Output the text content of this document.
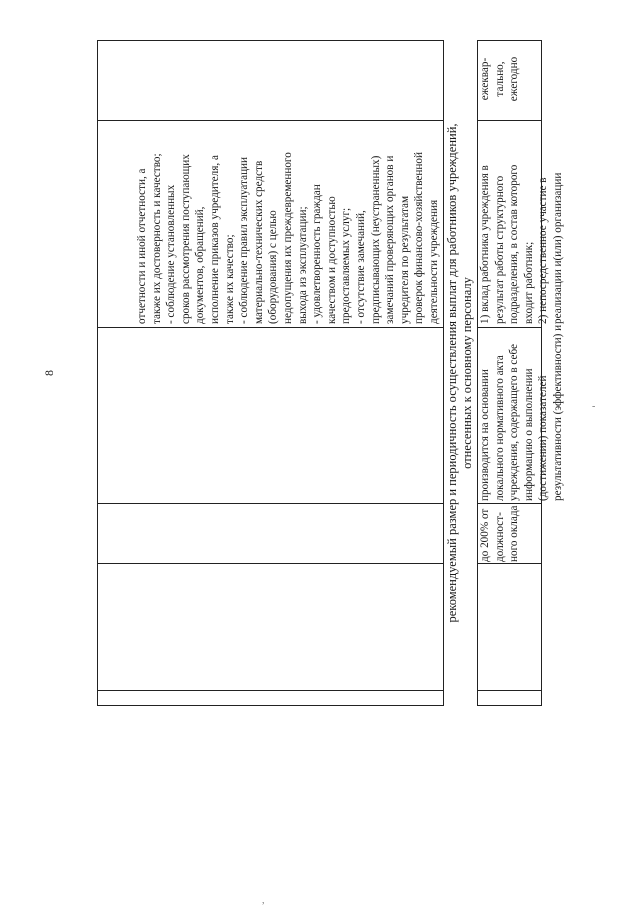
8
,
-
отчетности и иной отчетности, а также их достоверность и качество; - соблюдение установленных сроков рассмотрения поступающих документов, обращений, исполнение приказов учредителя, а также их качество; - соблюдение правил эксплуатации материально-технических средств (оборудования) с целью недопущения их преждевременного выхода из эксплуатации; - удовлетворенность граждан качеством и доступностью предоставляемых услуг; - отсутствие замечаний, предписывающих (неустраненных) замечаний проверяющих органов и учредителя по результатам проверок финансово-хозяйственной деятельности учреждения рекомендуемый размер и периодичность осуществления выплат для работников учреждений, отнесенных к основному персоналу
до 200% от должност- ного оклада
производится на основании локального нормативного акта учреждения, содержащего в себе информацию о выполнении (достижении) показателей результативности (эффективности) и
1) вклад работника учреждения в результат работы структурного подразделения, в состав которого входит работник; 2) непосредственное участие в реализации и(или) организации
ежеквар- тально, ежегодно
